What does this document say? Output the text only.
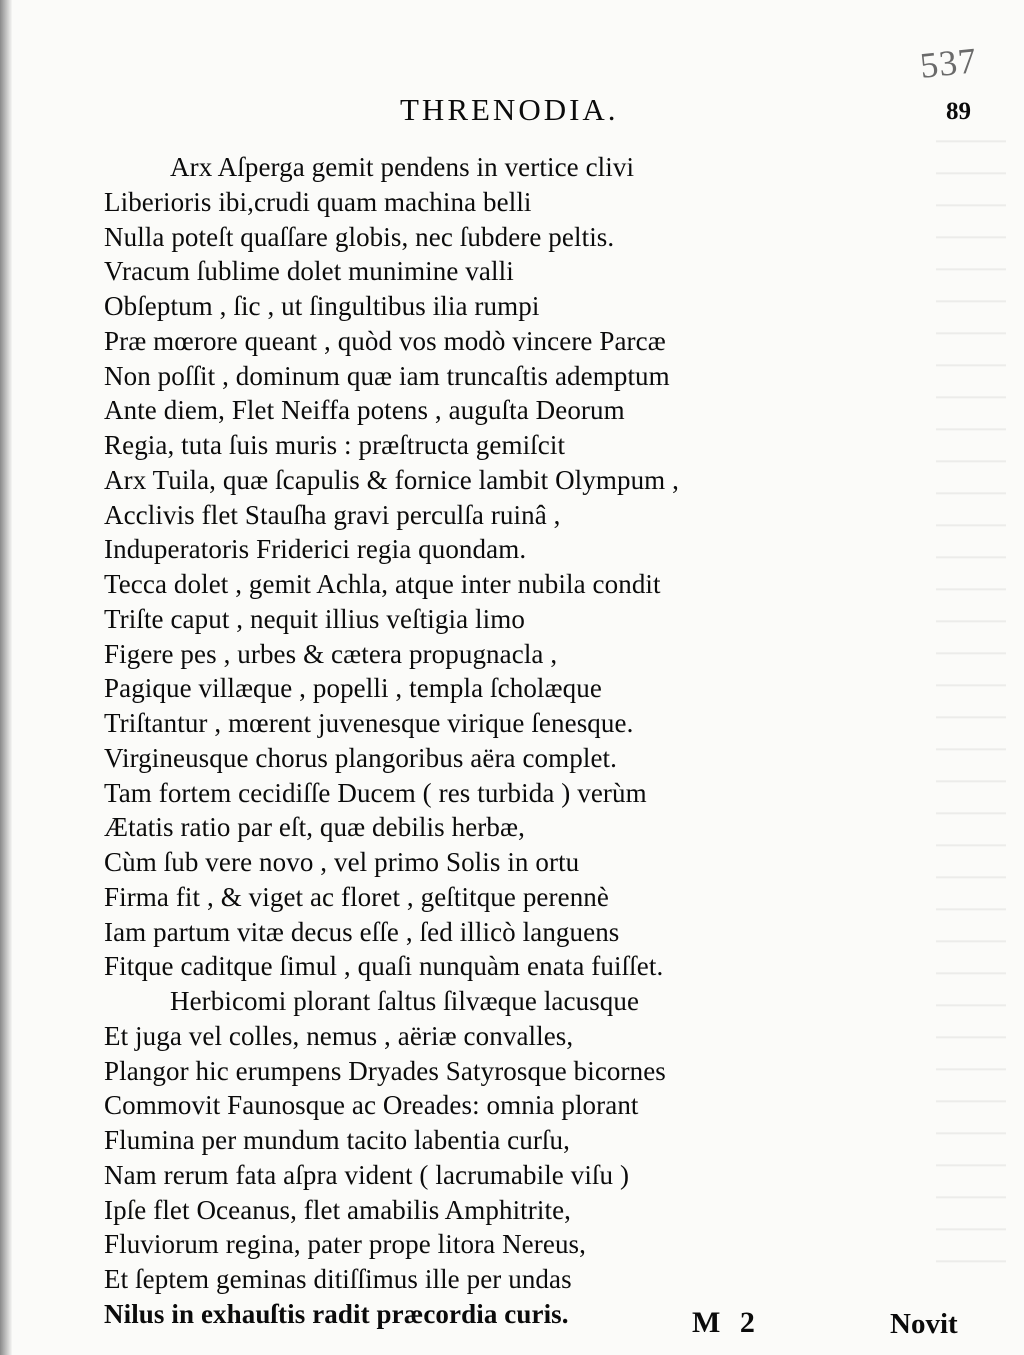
537
THRENODIA.	89
Arx Aſperga gemit pendens in vertice clivi
Liberioris ibi,crudi quam machina belli
Nulla poteſt quaſſare globis, nec ſubdere peltis.
Vracum ſublime dolet munimine valli
Obſeptum , ſic , ut ſingultibus ilia rumpi
Præ mœrore queant , quòd vos modò vincere Parcæ
Non poſſit , dominum quæ iam truncaſtis ademptum
Ante diem, Flet Neiffa potens , auguſta Deorum
Regia, tuta ſuis muris : præſtructa gemiſcit
Arx Tuila, quæ ſcapulis & fornice lambit Olympum ,
Acclivis flet Stauſha gravi perculſa ruinâ ,
Induperatoris Friderici regia quondam.
Tecca dolet , gemit Achla, atque inter nubila condit
Triſte caput , nequit illius veſtigia limo
Figere pes , urbes & cætera propugnacla ,
Pagique villæque , popelli , templa ſcholæque
Triſtantur , mœrent juvenesque virique ſenesque.
Virgineusque chorus plangoribus aëra complet.
Tam fortem cecidiſſe Ducem ( res turbida ) verùm
Ætatis ratio par eſt, quæ debilis herbæ,
Cùm ſub vere novo , vel primo Solis in ortu
Firma fit , & viget ac floret , geſtitque perennè
Iam partum vitæ decus eſſe , ſed illicò languens
Fitque caditque ſimul , quaſi nunquàm enata fuiſſet.
Herbicomi plorant ſaltus ſilvæque lacusque
Et juga vel colles, nemus , aëriæ convalles,
Plangor hic erumpens Dryades Satyrosque bicornes
Commovit Faunosque ac Oreades: omnia plorant
Flumina per mundum tacito labentia curſu,
Nam rerum fata aſpra vident ( lacrumabile viſu )
Ipſe flet Oceanus, flet amabilis Amphitrite,
Fluviorum regina, pater prope litora Nereus,
Et ſeptem geminas ditiſſimus ille per undas
Nilus in exhauſtis radit præcordia curis.	M 2	Novit
